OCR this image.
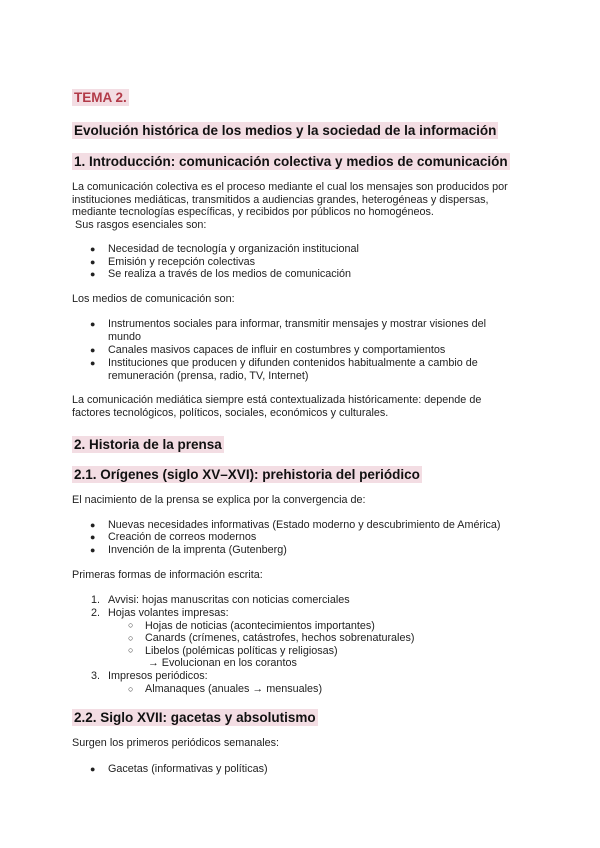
TEMA 2.
Evolución histórica de los medios y la sociedad de la información
1. Introducción: comunicación colectiva y medios de comunicación
La comunicación colectiva es el proceso mediante el cual los mensajes son producidos por
instituciones mediáticas, transmitidos a audiencias grandes, heterogéneas y dispersas,
mediante tecnologías específicas, y recibidos por públicos no homogéneos.
Sus rasgos esenciales son:
● Necesidad de tecnología y organización institucional
● Emisión y recepción colectivas
● Se realiza a través de los medios de comunicación
Los medios de comunicación son:
● Instrumentos sociales para informar, transmitir mensajes y mostrar visiones del
mundo
● Canales masivos capaces de influir en costumbres y comportamientos
● Instituciones que producen y difunden contenidos habitualmente a cambio de
remuneración (prensa, radio, TV, Internet)
La comunicación mediática siempre está contextualizada históricamente: depende de
factores tecnológicos, políticos, sociales, económicos y culturales.
2. Historia de la prensa
2.1. Orígenes (siglo XV–XVI): prehistoria del periódico
El nacimiento de la prensa se explica por la convergencia de:
● Nuevas necesidades informativas (Estado moderno y descubrimiento de América)
● Creación de correos modernos
● Invención de la imprenta (Gutenberg)
Primeras formas de información escrita:
1. Avvisi: hojas manuscritas con noticias comerciales
2. Hojas volantes impresas:
○ Hojas de noticias (acontecimientos importantes)
○ Canards (crímenes, catástrofes, hechos sobrenaturales)
○ Libelos (polémicas políticas y religiosas)
→ Evolucionan en los corantos
3. Impresos periódicos:
○ Almanaques (anuales → mensuales)
2.2. Siglo XVII: gacetas y absolutismo
Surgen los primeros periódicos semanales:
● Gacetas (informativas y políticas)
